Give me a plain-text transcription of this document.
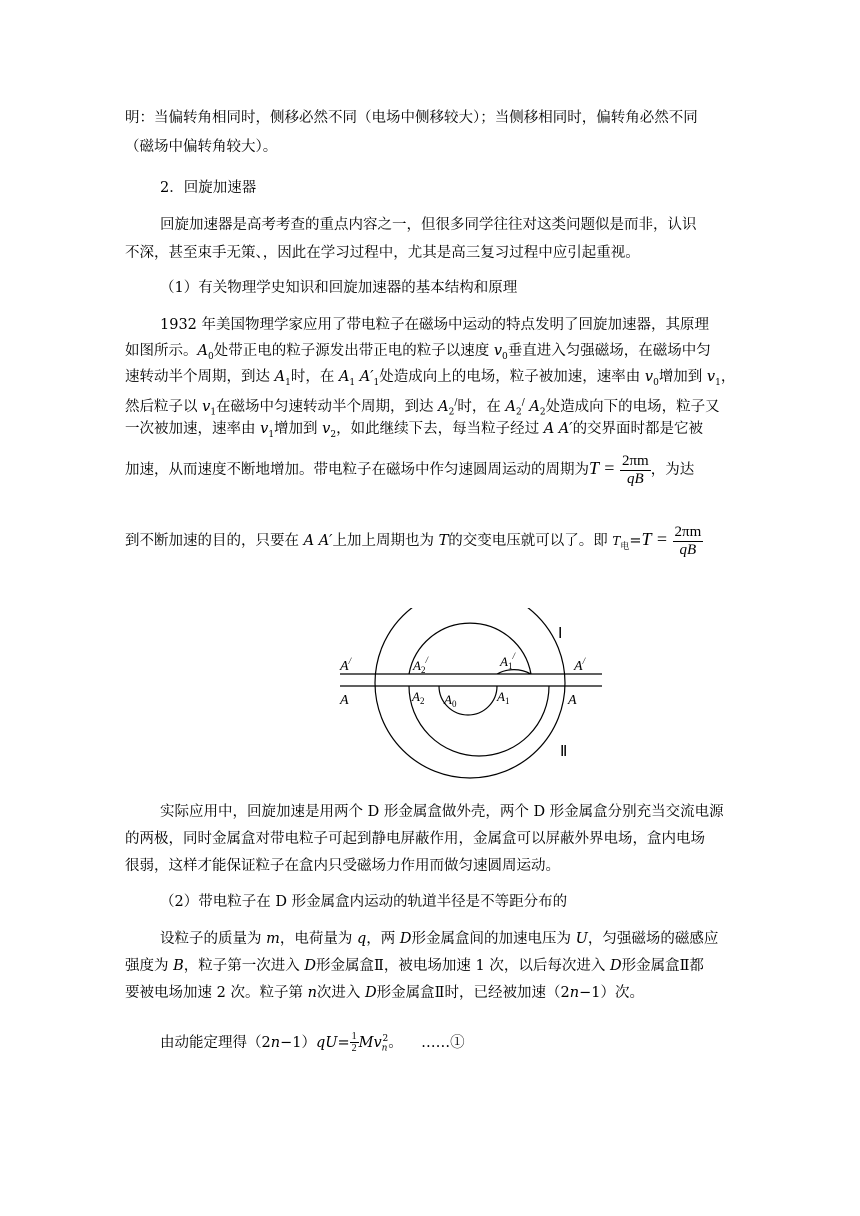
明：当偏转角相同时，侧移必然不同（电场中侧移较大）；当侧移相同时，偏转角必然不同
（磁场中偏转角较大）。
2．回旋加速器
回旋加速器是高考考查的重点内容之一，但很多同学往往对这类问题似是而非，认识
不深，甚至束手无策、，因此在学习过程中，尤其是高三复习过程中应引起重视。
（1）有关物理学史知识和回旋加速器的基本结构和原理
1932 年美国物理学家应用了带电粒子在磁场中运动的特点发明了回旋加速器，其原理
如图所示。$A_0$处带正电的粒子源发出带正电的粒子以速度 $v_0$垂直进入匀强磁场，在磁场中匀
速转动半个周期，到达 $A_1$时，在 $A_1$ $A'_1$处造成向上的电场，粒子被加速，速率由 $v_0$增加到 $v_1$，
然后粒子以 $v_1$在磁场中匀速转动半个周期，到达 $A_2^/$时，在 $A_2^/$ $A_2$处造成向下的电场，粒子又
一次被加速，速率由 $v_1$增加到 $v_2$，如此继续下去，每当粒子经过 A A′的交界面时都是它被
加速，从而速度不断地增加。带电粒子在磁场中作匀速圆周运动的周期为$T = \frac{2\pi m}{qB}$ ，为达
到不断加速的目的，只要在 A A′上加上周期也为 T的交变电压就可以了。即 $T_电=T = \frac{2\pi m}{qB}$
Ⅰ
Ⅱ
A/
A
A/
A
$A_2^/$	$A_1^/$
$A_2$ $A_0$	$A_1$
实际应用中，回旋加速是用两个 D 形金属盒做外壳，两个 D 形金属盒分别充当交流电源
的两极，同时金属盒对带电粒子可起到静电屏蔽作用，金属盒可以屏蔽外界电场，盒内电场
很弱，这样才能保证粒子在盒内只受磁场力作用而做匀速圆周运动。
（2）带电粒子在 D 形金属盒内运动的轨道半径是不等距分布的
设粒子的质量为 m，电荷量为 q，两 D形金属盒间的加速电压为 U，匀强磁场的磁感应
强度为 B，粒子第一次进入 D形金属盒Ⅱ，被电场加速 1 次，以后每次进入 D形金属盒Ⅱ都
要被电场加速 2 次。粒子第 n次进入 D形金属盒Ⅱ时，已经被加速（2n−1）次。
由动能定理得$(2n-1)qU= \frac{1}{2} Mv_n^2$。 ……①
